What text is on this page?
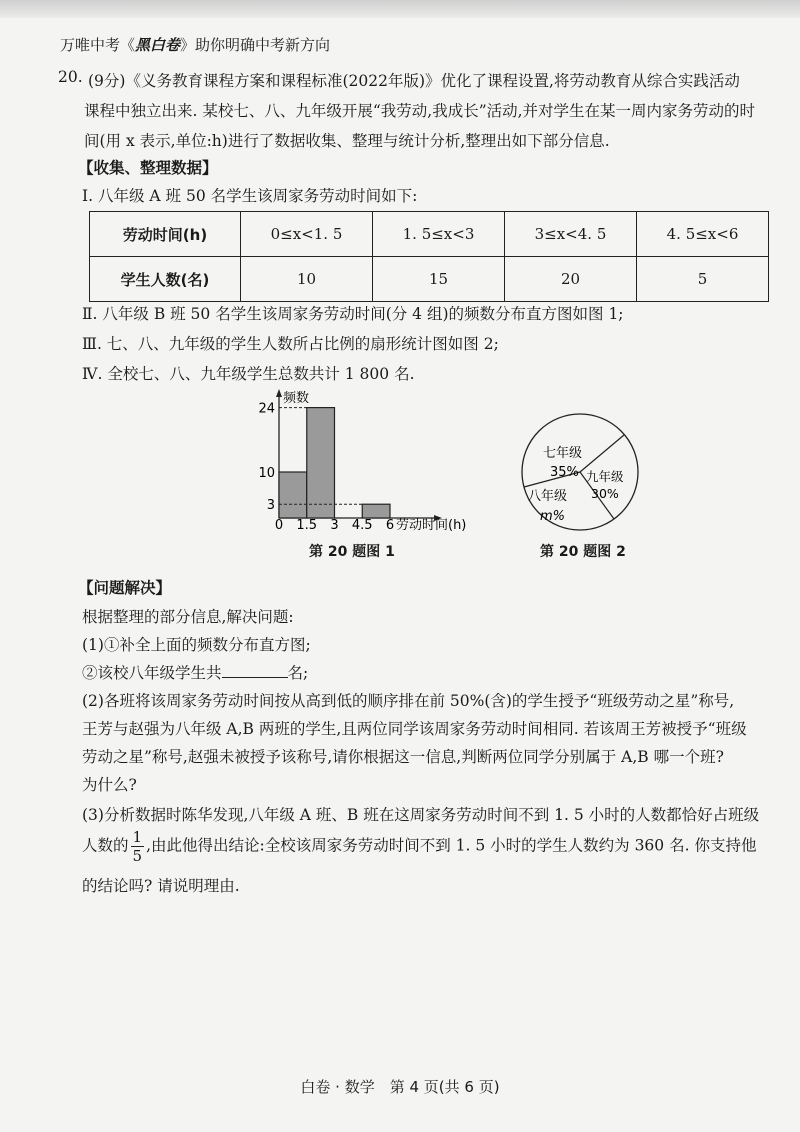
万唯中考《黑白卷》助你明确中考新方向
20. (9分)《义务教育课程方案和课程标准(2022年版)》优化了课程设置,将劳动教育从综合实践活动
课程中独立出来. 某校七、八、九年级开展“我劳动,我成长”活动,并对学生在某一周内家务劳动的时
间(用 x 表示,单位:h)进行了数据收集、整理与统计分析,整理出如下部分信息.
【收集、整理数据】
Ⅰ. 八年级 A 班 50 名学生该周家务劳动时间如下:
劳动时间(h)	0≤x<1. 5	1. 5≤x<3	3≤x<4. 5	4. 5≤x<6
学生人数(名)	10	15	20	5
Ⅱ. 八年级 B 班 50 名学生该周家务劳动时间(分 4 组)的频数分布直方图如图 1;
Ⅲ. 七、八、九年级的学生人数所占比例的扇形统计图如图 2;
Ⅳ. 全校七、八、九年级学生总数共计 1 800 名.
频数
劳动时间(h)
0 1.5 3 4.5 6
3
10
24
第 20 题图 1
七年级
35% 九年级
30%
八年级
m%
第 20 题图 2
【问题解决】
根据整理的部分信息,解决问题:
(1)①补全上面的频数分布直方图;
②该校八年级学生共	名;
(2)各班将该周家务劳动时间按从高到低的顺序排在前 50%(含)的学生授予“班级劳动之星”称号,
王芳与赵强为八年级 A,B 两班的学生,且两位同学该周家务劳动时间相同. 若该周王芳被授予“班级
劳动之星”称号,赵强未被授予该称号,请你根据这一信息,判断两位同学分别属于 A,B 哪一个班?
为什么?
(3)分析数据时陈华发现,八年级 A 班、B 班在这周家务劳动时间不到 1. 5 小时的人数都恰好占班级
人数的 $\frac{1}{5}$ ,由此他得出结论:全校该周家务劳动时间不到 1. 5 小时的学生人数约为 360 名. 你支持他
的结论吗? 请说明理由.
白卷 · 数学　第 4 页(共 6 页)
